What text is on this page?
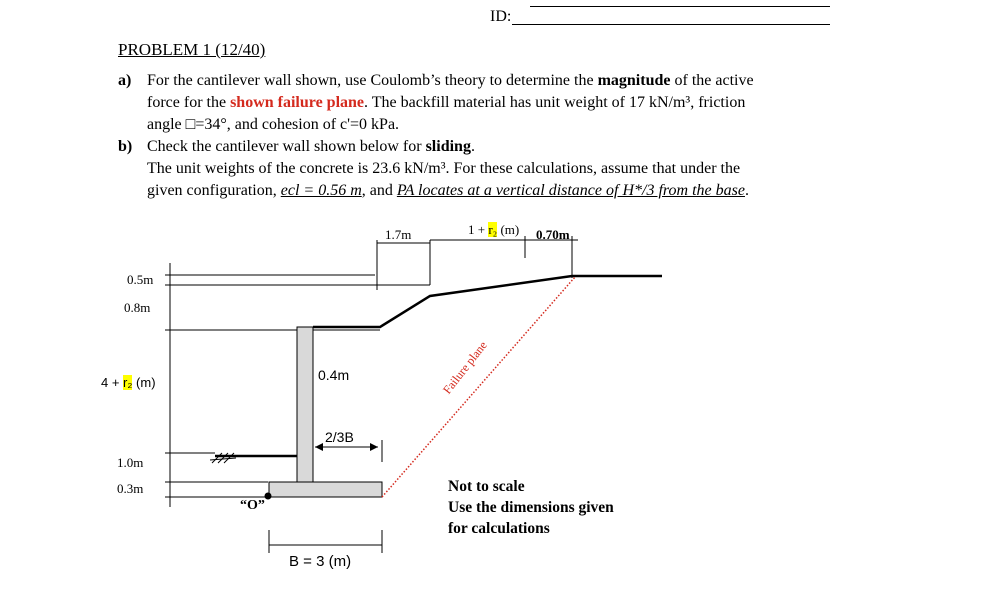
ID:
PROBLEM 1 (12/40)
a) For the cantilever wall shown, use Coulomb’s theory to determine the magnitude of the active
force for the shown failure plane. The backfill material has unit weight of 17 kN/m³, friction
angle □=34°, and cohesion of c'=0 kPa.
b) Check the cantilever wall shown below for sliding.
The unit weights of the concrete is 23.6 kN/m³. For these calculations, assume that under the
given configuration, ecl = 0.56 m, and PA locates at a vertical distance of H*/3 from the base.
1.7m	1 + r₂ (m) 0.70m
0.5m
0.8m
4 + r₂ (m)
1.0m
0.3m
0.4m
2/3B
“O”
B = 3 (m)
Failure plane
Not to scale
Use the dimensions given
for calculations
